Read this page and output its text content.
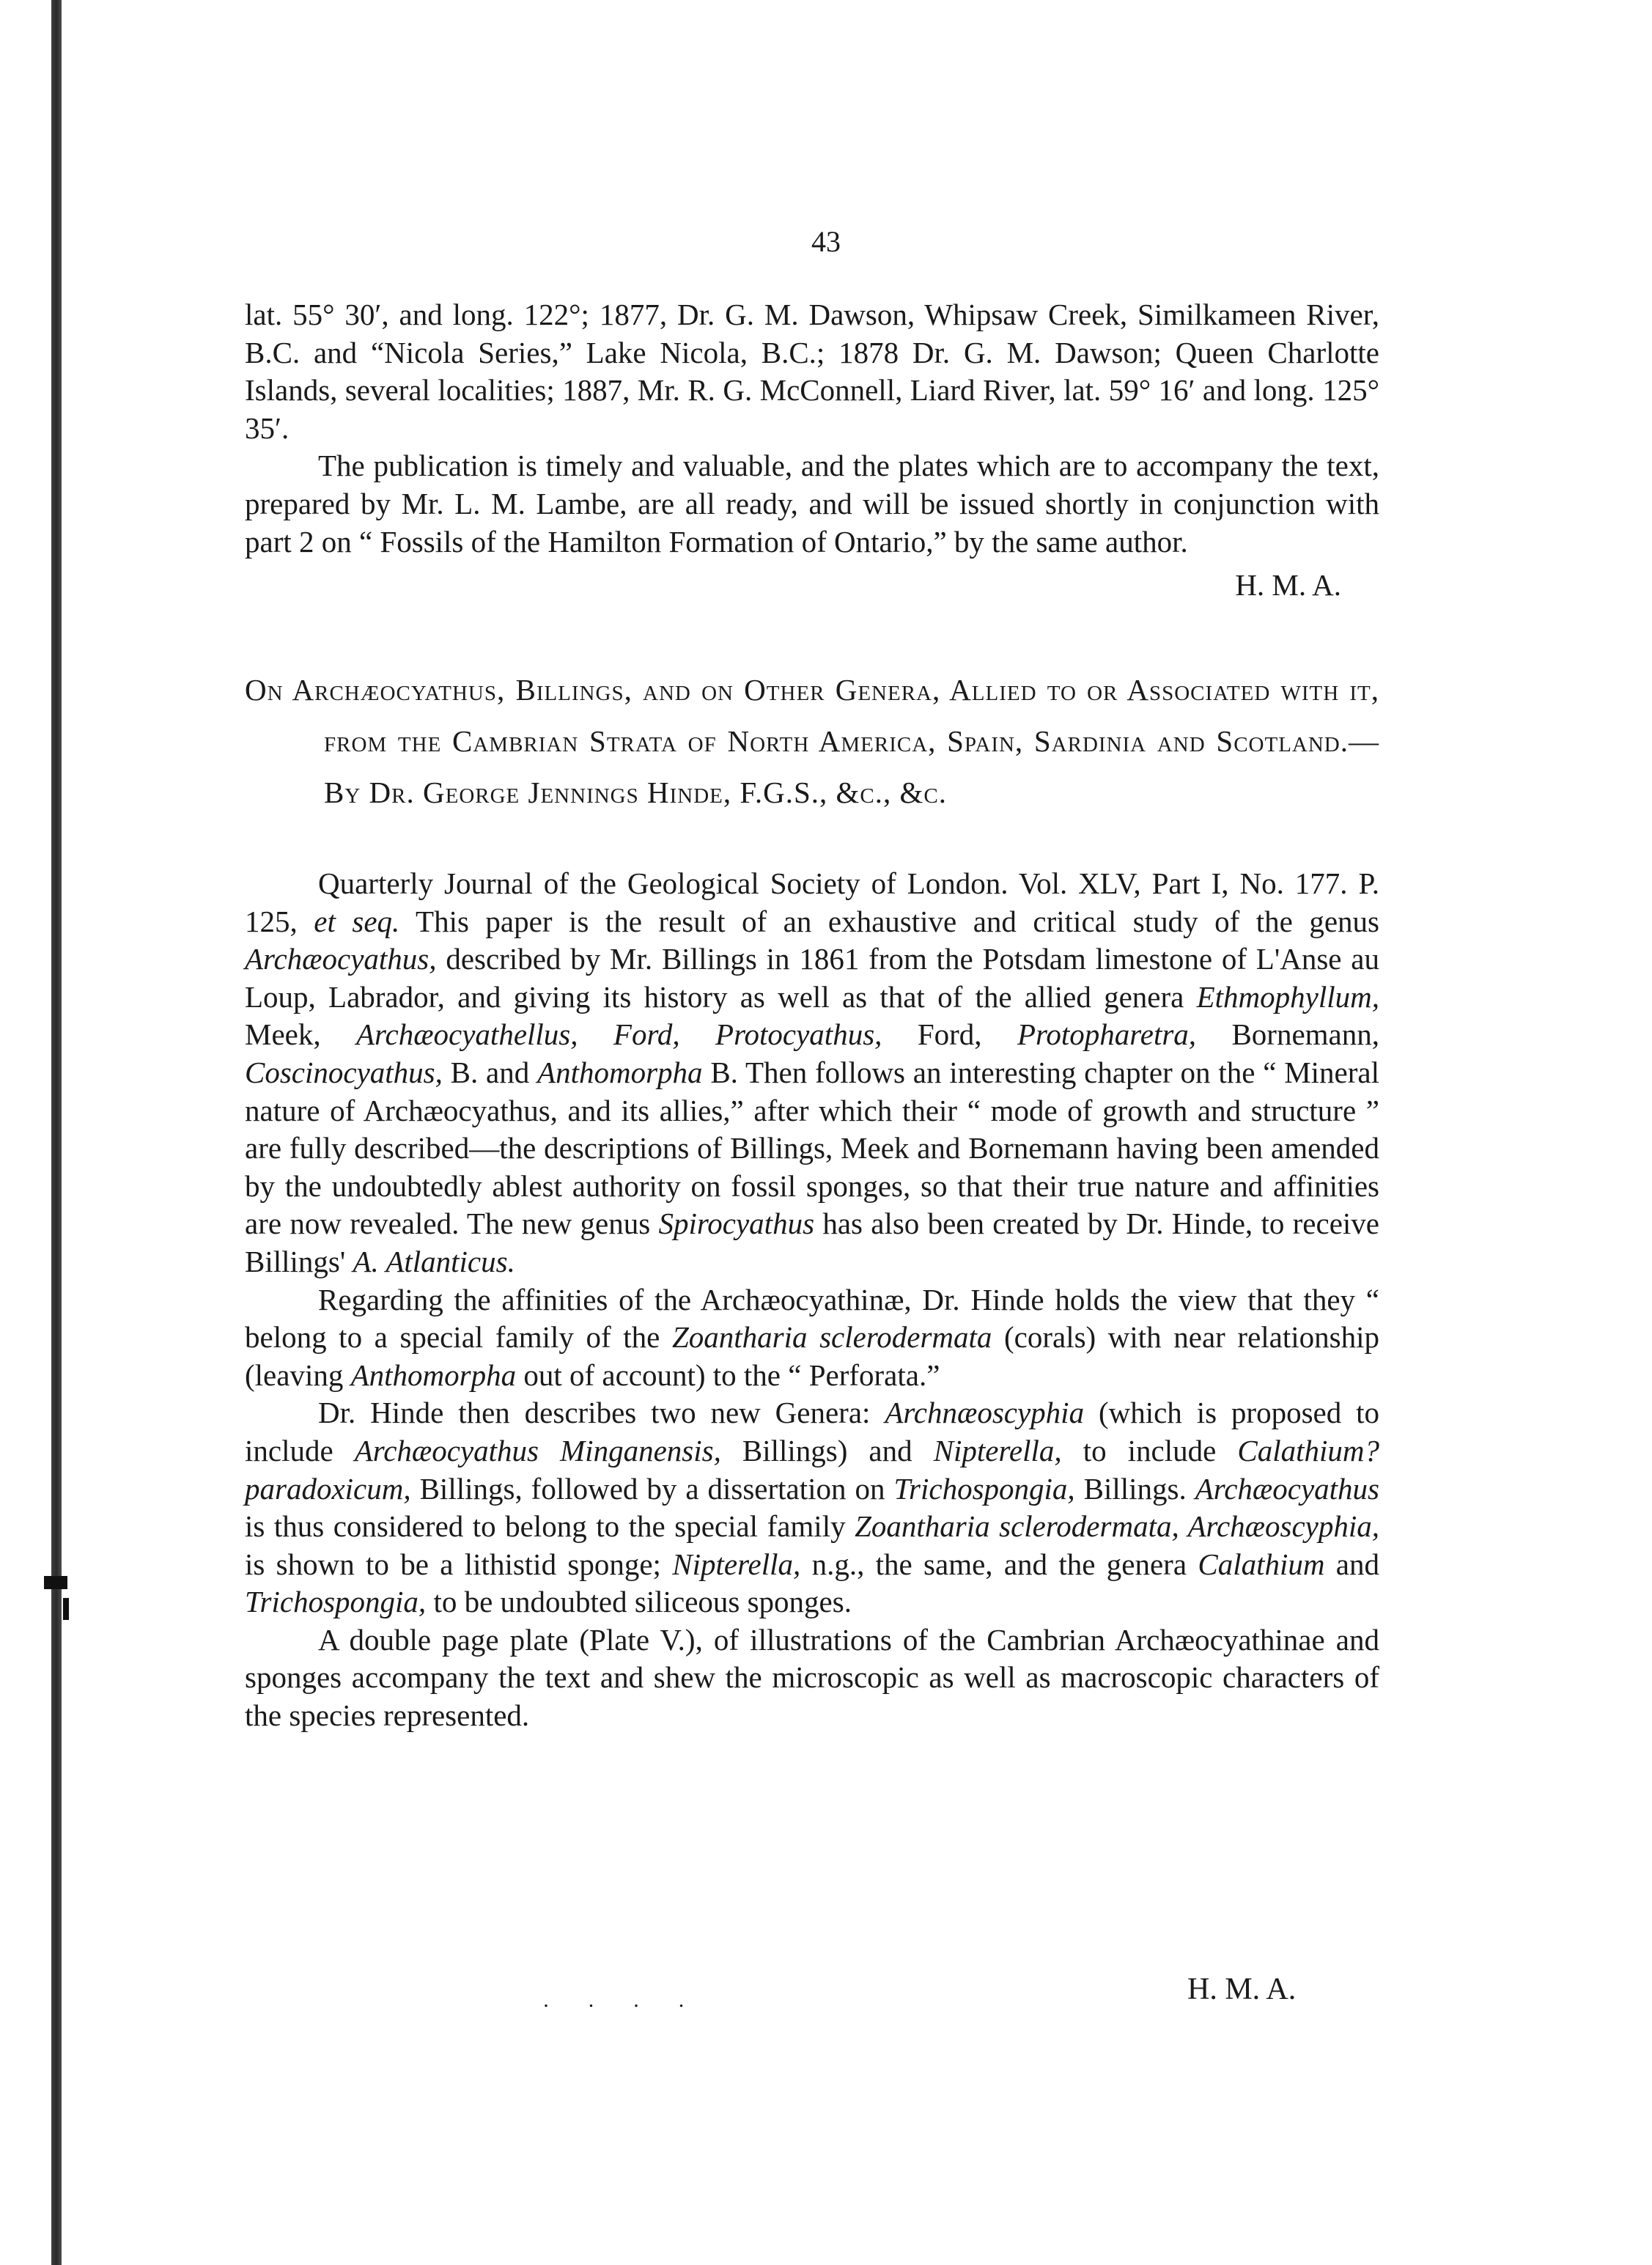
43

lat. 55° 30′, and long. 122°; 1877, Dr. G. M. Dawson, Whipsaw Creek, Similkameen River, B.C. and “Nicola Series,” Lake Nicola, B.C.; 1878 Dr. G. M. Dawson; Queen Charlotte Islands, several localities; 1887, Mr. R. G. McConnell, Liard River, lat. 59° 16′ and long. 125° 35′.

The publication is timely and valuable, and the plates which are to accompany the text, prepared by Mr. L. M. Lambe, are all ready, and will be issued shortly in conjunction with part 2 on “ Fossils of the Hamilton Formation of Ontario,” by the same author.

H. M. A.

On Archæocyathus, Billings, and on Other Genera, Allied to or Associated with it, from the Cambrian Strata of North America, Spain, Sardinia and Scotland.—By Dr. George Jennings Hinde, F.G.S., &c., &c.

Quarterly Journal of the Geological Society of London. Vol. XLV, Part I, No. 177. P. 125, et seq. This paper is the result of an exhaustive and critical study of the genus Archæocyathus, described by Mr. Billings in 1861 from the Potsdam limestone of L'Anse au Loup, Labrador, and giving its history as well as that of the allied genera Ethmophyllum, Meek, Archæocyathellus, Ford, Protocyathus, Ford, Protopharetra, Bornemann, Coscinocyathus, B. and Anthomorpha B. Then follows an interesting chapter on the “ Mineral nature of Archæocyathus, and its allies,” after which their “ mode of growth and structure ” are fully described—the descriptions of Billings, Meek and Bornemann having been amended by the undoubtedly ablest authority on fossil sponges, so that their true nature and affinities are now revealed. The new genus Spirocyathus has also been created by Dr. Hinde, to receive Billings' A. Atlanticus.

Regarding the affinities of the Archæocyathinæ, Dr. Hinde holds the view that they “ belong to a special family of the Zoantharia sclerodermata (corals) with near relationship (leaving Anthomorpha out of account) to the “ Perforata.”

Dr. Hinde then describes two new Genera: Archnæoscyphia (which is proposed to include Archæocyathus Minganensis, Billings) and Nipterella, to include Calathium? paradoxicum, Billings, followed by a dissertation on Trichospongia, Billings. Archæocyathus is thus considered to belong to the special family Zoantharia sclerodermata, Archæoscyphia, is shown to be a lithistid sponge; Nipterella, n.g., the same, and the genera Calathium and Trichospongia, to be undoubted siliceous sponges.

A double page plate (Plate V.), of illustrations of the Cambrian Archæocyathinae and sponges accompany the text and shew the microscopic as well as macroscopic characters of the species represented.

· · · ·	H. M. A.
